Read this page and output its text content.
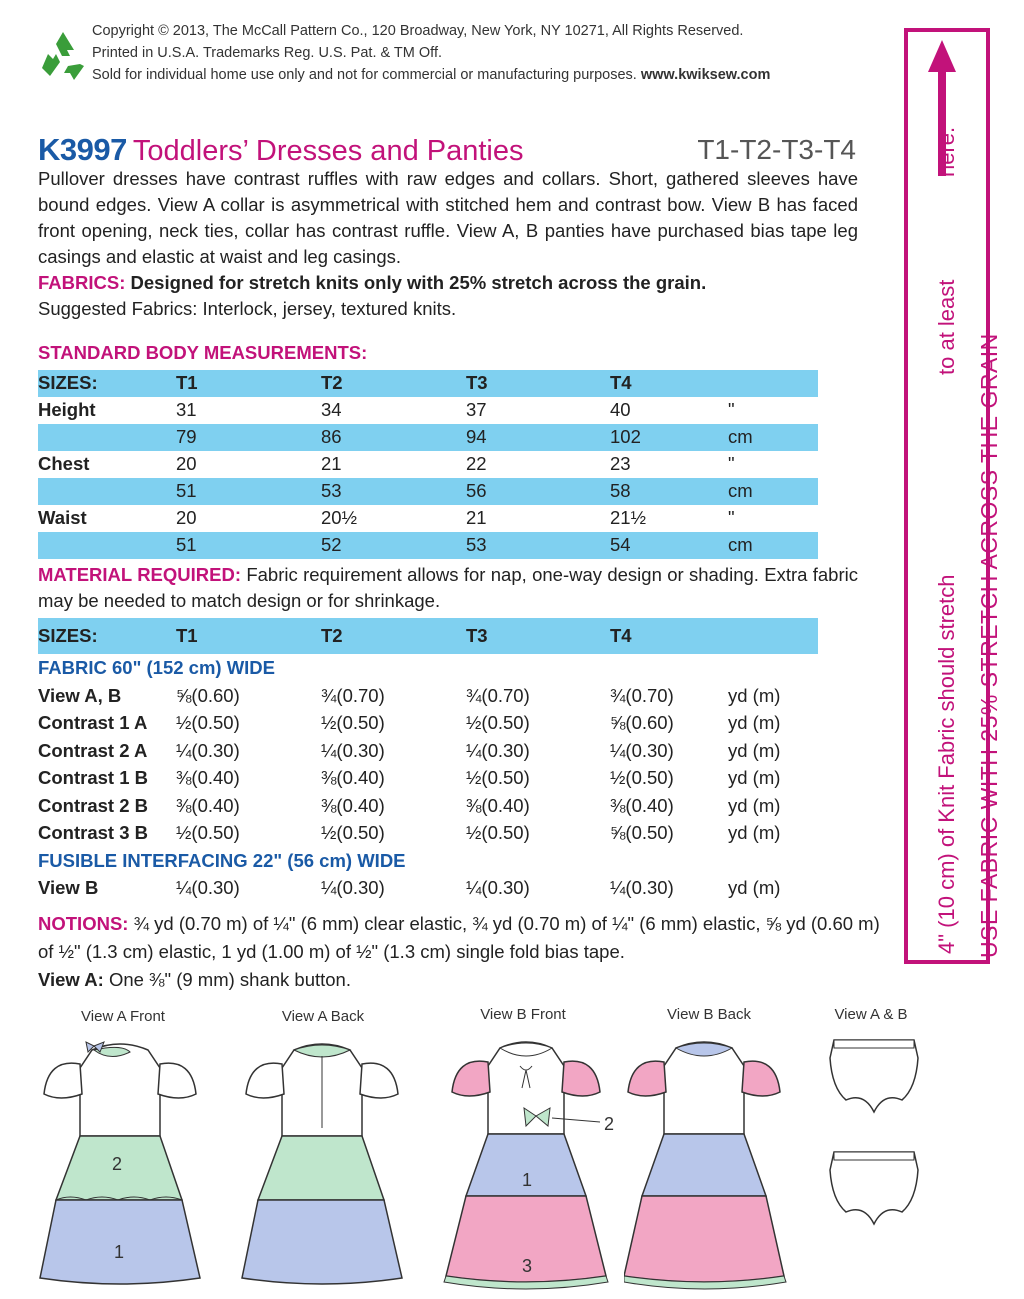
Copyright © 2013, The McCall Pattern Co., 120 Broadway, New York, NY 10271, All Rights Reserved.
Printed in U.S.A. Trademarks Reg. U.S. Pat. & TM Off.
Sold for individual home use only and not for commercial or manufacturing purposes. www.kwiksew.com
K3997 Toddlers’ Dresses and Panties	T1-T2-T3-T4
Pullover dresses have contrast ruffles with raw edges and collars. Short, gathered sleeves have bound edges. View A collar is asymmetrical with stitched hem and contrast bow. View B has faced front opening, neck ties, collar has contrast ruffle. View A, B panties have purchased bias tape leg casings and elastic at waist and leg casings.
FABRICS: Designed for stretch knits only with 25% stretch across the grain.
Suggested Fabrics: Interlock, jersey, textured knits.
STANDARD BODY MEASUREMENTS:
SIZES:	T1	T2	T3	T4
Height	31	34	37	40	"
79	86	94	102	cm
Chest	20	21	22	23	"
51	53	56	58	cm
Waist	20	20½	21	21½	"
51	52	53	54	cm
MATERIAL REQUIRED: Fabric requirement allows for nap, one-way design or shading. Extra fabric may be needed to match design or for shrinkage.
SIZES:	T1	T2	T3	T4
FABRIC 60" (152 cm) WIDE
View A, B	⅝(0.60)	¾(0.70)	¾(0.70)	¾(0.70)	yd (m)
Contrast 1 A ½(0.50)	½(0.50)	½(0.50)	⅝(0.60)	yd (m)
Contrast 2 A ¼(0.30)	¼(0.30)	¼(0.30)	¼(0.30)	yd (m)
Contrast 1 B ⅜(0.40)	⅜(0.40)	½(0.50)	½(0.50)	yd (m)
Contrast 2 B ⅜(0.40)	⅜(0.40)	⅜(0.40)	⅜(0.40)	yd (m)
Contrast 3 B ½(0.50)	½(0.50)	½(0.50)	⅝(0.50)	yd (m)
FUSIBLE INTERFACING 22" (56 cm) WIDE
View B	¼(0.30)	¼(0.30)	¼(0.30)	¼(0.30)	yd (m)
NOTIONS: ¾ yd (0.70 m) of ¼" (6 mm) clear elastic, ¾ yd (0.70 m) of ¼" (6 mm) elastic, ⅝ yd (0.60 m) of ½" (1.3 cm) elastic, 1 yd (1.00 m) of ½" (1.3 cm) single fold bias tape.
View A: One ⅜" (9 mm) shank button.
here.
to at least
4" (10 cm) of Knit Fabric should stretch USE FABRIC WITH 25% STRETCH ACROSS THE GRAIN
View A Front	View A Back	View B Front	View B Back	View A & B
2
1
2
1
3
